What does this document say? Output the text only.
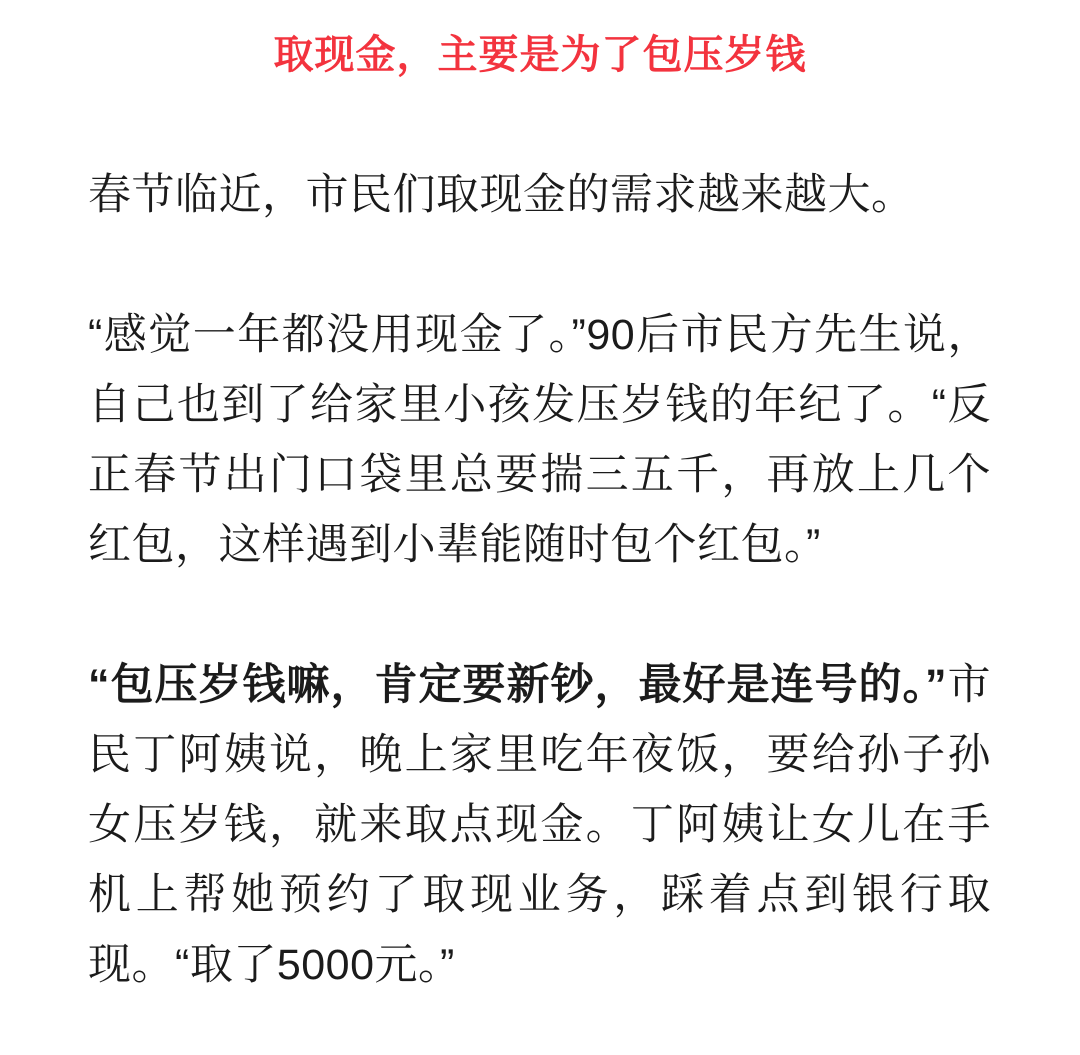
取现金，主要是为了包压岁钱

春节临近，市民们取现金的需求越来越大。

“感觉一年都没用现金了。”90后市民方先生说，自己也到了给家里小孩发压岁钱的年纪了。“反正春节出门口袋里总要揣三五千，再放上几个红包，这样遇到小辈能随时包个红包。”

“包压岁钱嘛，肯定要新钞，最好是连号的。”市民丁阿姨说，晚上家里吃年夜饭，要给孙子孙女压岁钱，就来取点现金。丁阿姨让女儿在手机上帮她预约了取现业务，踩着点到银行取现。“取了5000元。”
